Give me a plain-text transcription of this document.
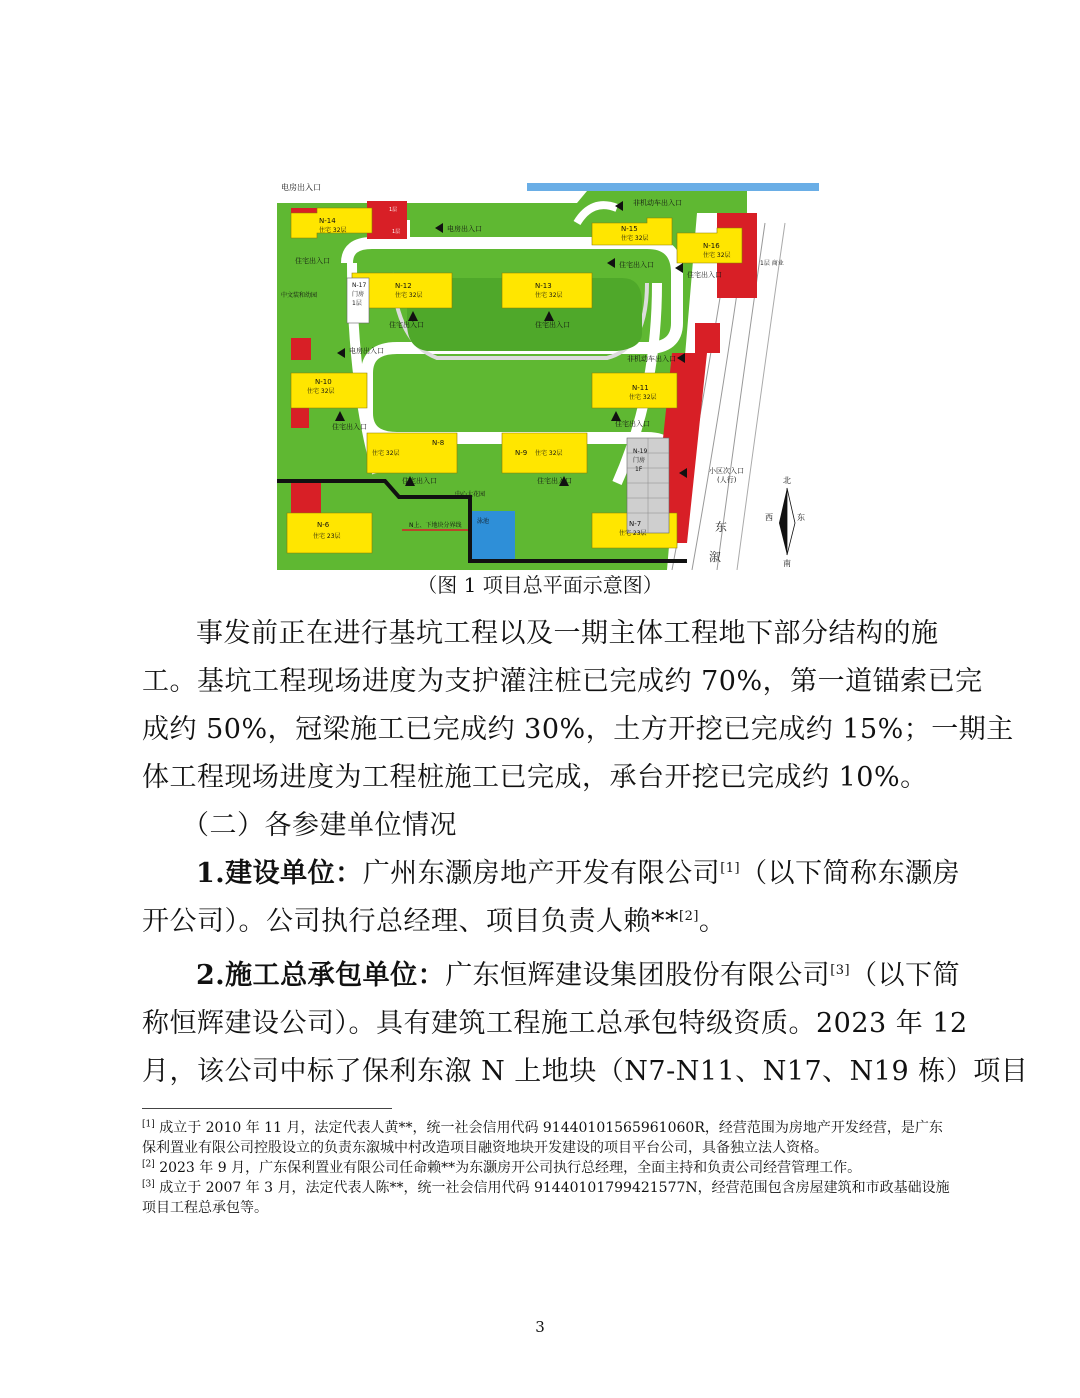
电房出入口
N-14
住宅 32层
1层
1层	电房出入口
非机动车出入口
N-15
住宅 32层
N-16
住宅 32层
1层 商业
住宅出入口	住宅出入口
住宅出入口
N-12
住宅 32层
N-13
住宅 32层
N-17
门房
1层
中文装和幼园
住宅出入口	住宅出入口
电房出入口
非机动车出入口
N-10
住宅 32层	N-11
住宅 32层
住宅出入口	住宅出入口
N-8
住宅 32层	N-9 住宅 32层	N-19
门房
1F
住宅出入口	住宅出入口
中心大花园
小区次入口
(人行)
N上、下地块分界线
泳池
N-6
住宅 23层
N-7
住宅 23层	东
溆
北
西	东
南
（图 1 项目总平面示意图）
事发前正在进行基坑工程以及一期主体工程地下部分结构的施
工。基坑工程现场进度为支护灌注桩已完成约 70%，第一道锚索已完
成约 50%，冠梁施工已完成约 30%，土方开挖已完成约 15%；一期主
体工程现场进度为工程桩施工已完成，承台开挖已完成约 10%。
（二）各参建单位情况
1.建设单位：广州东灏房地产开发有限公司[1]（以下简称东灏房
开公司）。公司执行总经理、项目负责人赖**[2]。
2.施工总承包单位：广东恒辉建设集团股份有限公司[3]（以下简
称恒辉建设公司）。具有建筑工程施工总承包特级资质。2023 年 12
月，该公司中标了保利东溆 N 上地块（N7-N11、N17、N19 栋）项目
[1] 成立于 2010 年 11 月，法定代表人黄**，统一社会信用代码 91440101565961060R，经营范围为房地产开发经营，是广东
保利置业有限公司控股设立的负责东溆城中村改造项目融资地块开发建设的项目平台公司，具备独立法人资格。
[2] 2023 年 9 月，广东保利置业有限公司任命赖**为东灏房开公司执行总经理，全面主持和负责公司经营管理工作。
[3] 成立于 2007 年 3 月，法定代表人陈**，统一社会信用代码 91440101799421577N，经营范围包含房屋建筑和市政基础设施
项目工程总承包等。
3
